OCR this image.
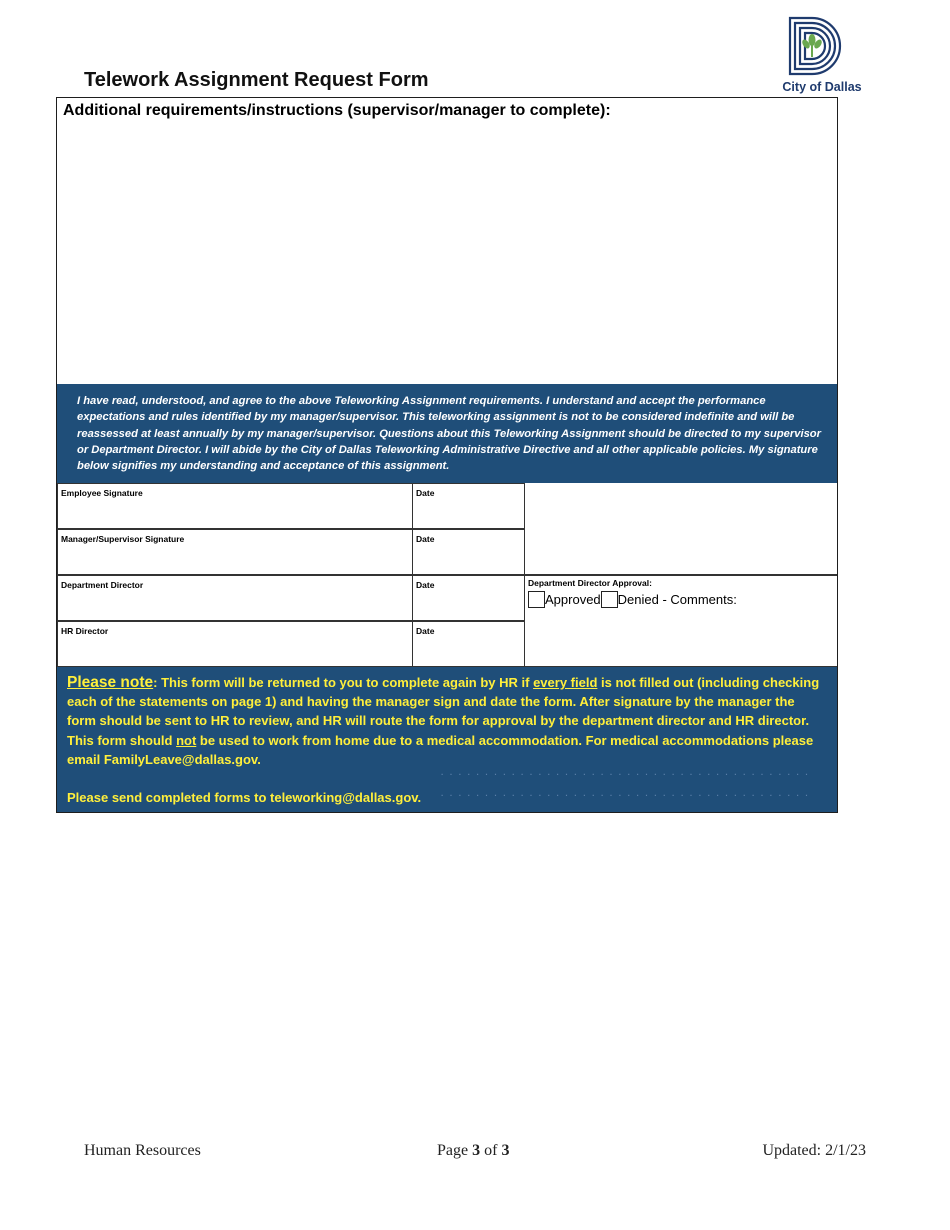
Telework Assignment Request Form	City of Dallas
Additional requirements/instructions (supervisor/manager to complete):
I have read, understood, and agree to the above Teleworking Assignment requirements. I understand and accept the performance expectations and rules identified by my manager/supervisor. This teleworking assignment is not to be considered indefinite and will be reassessed at least annually by my manager/supervisor. Questions about this Teleworking Assignment should be directed to my supervisor or Department Director. I will abide by the City of Dallas Teleworking Administrative Directive and all other applicable policies. My signature below signifies my understanding and acceptance of this assignment.
Employee Signature	Date
Manager/Supervisor Signature	Date
Department Director	Date
HR Director	Date
Department Director Approval:
Approved Denied - Comments:
Please note: This form will be returned to you to complete again by HR if every field is not filled out (including checking each of the statements on page 1) and having the manager sign and date the form. After signature by the manager the form should be sent to HR to review, and HR will route the form for approval by the department director and HR director. This form should not be used to work from home due to a medical accommodation. For medical accommodations please email FamilyLeave@dallas.gov.
Please send completed forms to teleworking@dallas.gov.
· · · · · · · · · · · · · · · · · · · · · · · · · · · · · · · · · · · · · · · · · ·
· · · · · · · · · · · · · · · · · · · · · · · · · · · · · · · · · · · · · · · · · ·
Human Resources	Page 3 of 3	Updated: 2/1/23
